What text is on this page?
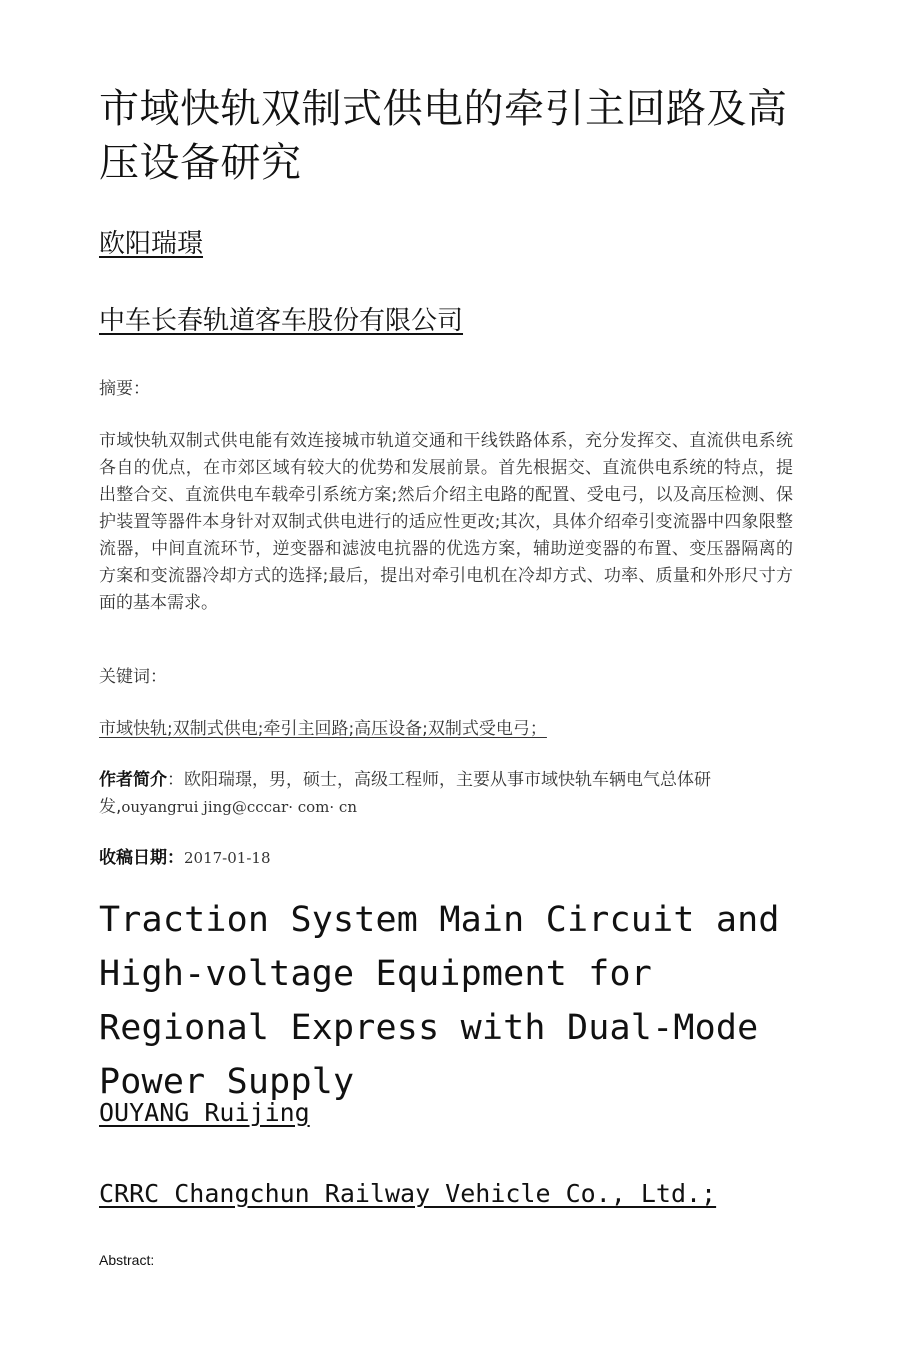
市域快轨双制式供电的牵引主回路及高压设备研究
欧阳瑞璟
中车长春轨道客车股份有限公司
摘要：

市域快轨双制式供电能有效连接城市轨道交通和干线铁路体系，充分发挥交、直流供电系统各自的优点，在市郊区域有较大的优势和发展前景。首先根据交、直流供电系统的特点，提出整合交、直流供电车载牵引系统方案;然后介绍主电路的配置、受电弓，以及高压检测、保护装置等器件本身针对双制式供电进行的适应性更改;其次，具体介绍牵引变流器中四象限整流器，中间直流环节，逆变器和滤波电抗器的优选方案，辅助逆变器的布置、变压器隔离的方案和变流器冷却方式的选择;最后，提出对牵引电机在冷却方式、功率、质量和外形尺寸方面的基本需求。

关键词：
市域快轨;双制式供电;牵引主回路;高压设备;双制式受电弓；
作者简介：欧阳瑞璟，男，硕士，高级工程师，主要从事市域快轨车辆电气总体研发,ouyangrui jing@cccar· com· cn
收稿日期：2017-01-18
Traction System Main Circuit and High-voltage Equipment for Regional Express with Dual-Mode Power Supply
OUYANG Ruijing
CRRC Changchun Railway Vehicle Co., Ltd.;
Abstract:
